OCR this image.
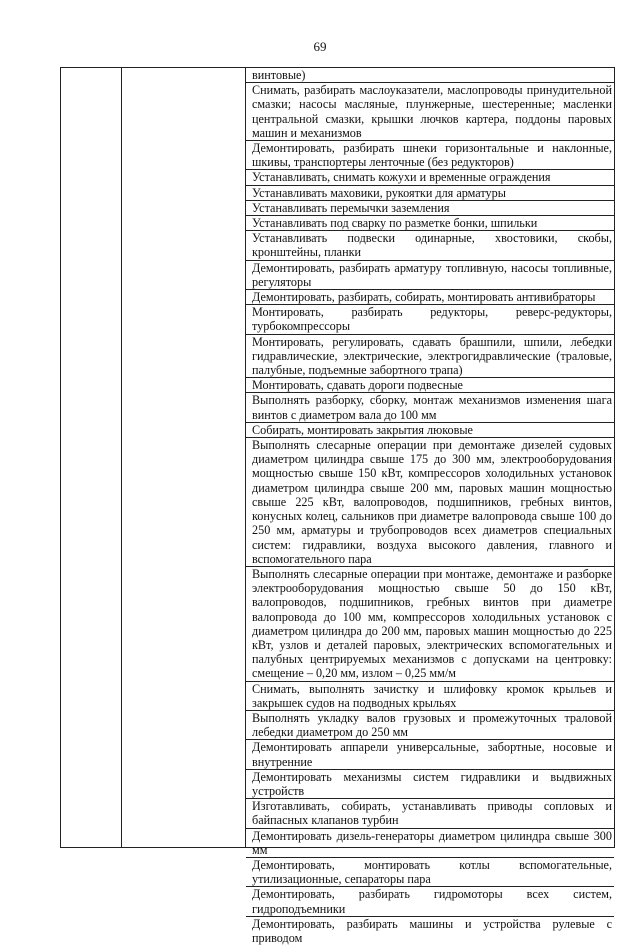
69
винтовые)
Снимать, разбирать маслоуказатели, маслопроводы принудительной смазки; насосы масляные, плунжерные, шестеренные; масленки центральной смазки, крышки лючков картера, поддоны паровых машин и механизмов
Демонтировать, разбирать шнеки горизонтальные и наклонные, шкивы, транспортеры ленточные (без редукторов)
Устанавливать, снимать кожухи и временные ограждения
Устанавливать маховики, рукоятки для арматуры
Устанавливать перемычки заземления
Устанавливать под сварку по разметке бонки, шпильки
Устанавливать подвески одинарные, хвостовики, скобы, кронштейны, планки
Демонтировать, разбирать арматуру топливную, насосы топливные, регуляторы
Демонтировать, разбирать, собирать, монтировать антивибраторы
Монтировать, разбирать редукторы, реверс-редукторы, турбокомпрессоры
Монтировать, регулировать, сдавать брашпили, шпили, лебедки гидравлические, электрические, электрогидравлические (траловые, палубные, подъемные забортного трапа)
Монтировать, сдавать дороги подвесные
Выполнять разборку, сборку, монтаж механизмов изменения шага винтов с диаметром вала до 100 мм
Собирать, монтировать закрытия люковые
Выполнять слесарные операции при демонтаже дизелей судовых диаметром цилиндра свыше 175 до 300 мм, электрооборудования мощностью свыше 150 кВт, компрессоров холодильных установок диаметром цилиндра свыше 200 мм, паровых машин мощностью свыше 225 кВт, валопроводов, подшипников, гребных винтов, конусных колец, сальников при диаметре валопровода свыше 100 до 250 мм, арматуры и трубопроводов всех диаметров специальных систем: гидравлики, воздуха высокого давления, главного и вспомогательного пара
Выполнять слесарные операции при монтаже, демонтаже и разборке электрооборудования мощностью свыше 50 до 150 кВт, валопроводов, подшипников, гребных винтов при диаметре валопровода до 100 мм, компрессоров холодильных установок с диаметром цилиндра до 200 мм, паровых машин мощностью до 225 кВт, узлов и деталей паровых, электрических вспомогательных и палубных центрируемых механизмов с допусками на центровку: смещение – 0,20 мм, излом – 0,25 мм/м
Снимать, выполнять зачистку и шлифовку кромок крыльев и закрышек судов на подводных крыльях
Выполнять укладку валов грузовых и промежуточных траловой лебедки диаметром до 250 мм
Демонтировать аппарели универсальные, забортные, носовые и внутренние
Демонтировать механизмы систем гидравлики и выдвижных устройств
Изготавливать, собирать, устанавливать приводы сопловых и байпасных клапанов турбин
Демонтировать дизель-генераторы диаметром цилиндра свыше 300 мм
Демонтировать, монтировать котлы вспомогательные, утилизационные, сепараторы пара
Демонтировать, разбирать гидромоторы всех систем, гидроподъемники
Демонтировать, разбирать машины и устройства рулевые с приводом
